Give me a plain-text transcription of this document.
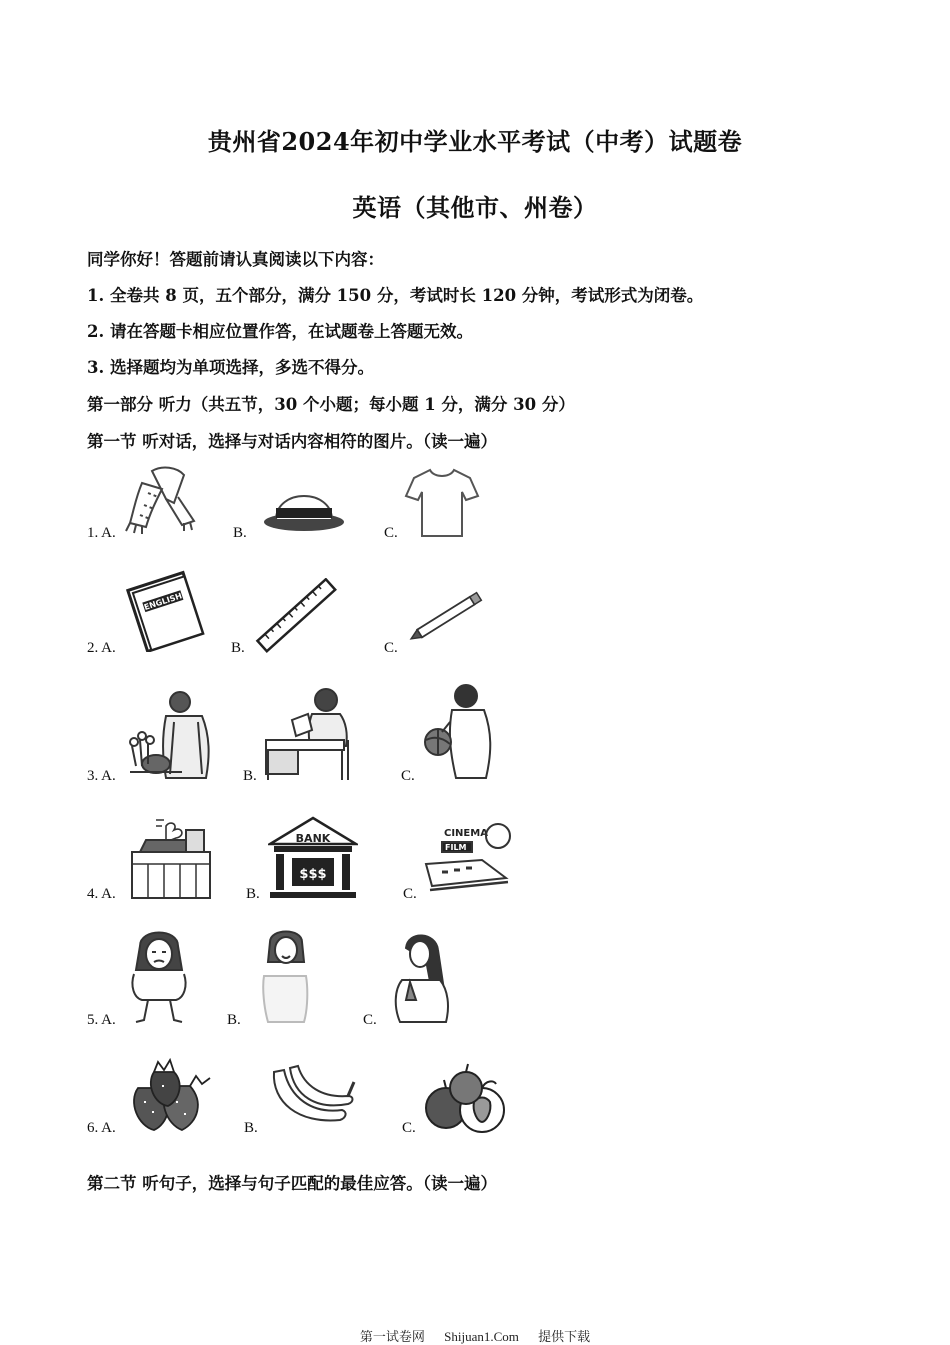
贵州省2024年初中学业水平考试（中考）试题卷
英语（其他市、州卷）
同学你好！答题前请认真阅读以下内容：
1. 全卷共 8 页，五个部分，满分 150 分，考试时长 120 分钟，考试形式为闭卷。
2. 请在答题卡相应位置作答，在试题卷上答题无效。
3. 选择题均为单项选择，多选不得分。
第一部分 听力（共五节，30 个小题；每小题 1 分，满分 30 分）
第一节 听对话，选择与对话内容相符的图片。（读一遍）
1. A.	B.	C.
2. A.
ENGLISH
B.	C.
3. A.	B.	C.
4. A.	B.
BANK
$$$
C.
CINEMA
FILM
5. A.	B.	C.
6. A.	B.	C.
第二节 听句子，选择与句子匹配的最佳应答。（读一遍）
第一试卷网 Shijuan1.Com 提供下载
